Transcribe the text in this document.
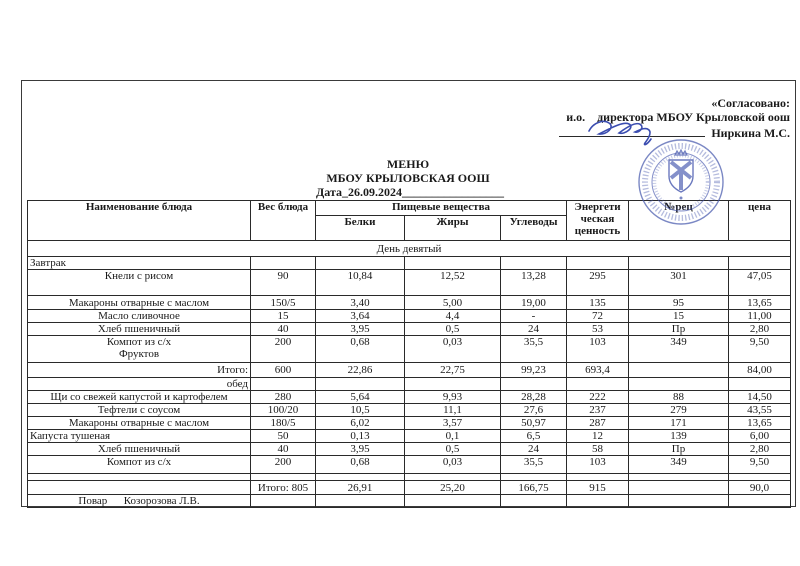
«Согласовано:
и.о.    директора МБОУ Крыловской оош
Ниркина М.С.
МЕНЮ
МБОУ КРЫЛОВСКАЯ ООШ
Дата_26.09.2024_________________
Наименование блюда	Вес блюда	Пищевые вещества			Энергети ческая ценность	№рец	цена
		Белки	Жиры	Углеводы			
День девятый							

Завтрак							

Кнели с рисом	90	10,84	12,52	13,28	295	301	47,05

Макароны отварные с маслом	150/5	3,40	5,00	19,00	135	95	13,65

Масло сливочное	15	3,64	4,4	-	72	15	11,00

Хлеб пшеничный	40	3,95	0,5	24	53	Пр	2,80

Компот из с/х
Фруктов	200	0,68	0,03	35,5	103	349	9,50

Итого:	600	22,86	22,75	99,23	693,4		84,00

обед							

Щи со свежей капустой и картофелем	280	5,64	9,93	28,28	222	88	14,50

Тефтели с соусом	100/20	10,5	11,1	27,6	237	279	43,55

Макароны отварные с маслом	180/5	6,02	3,57	50,97	287	171	13,65

Капуста тушеная	50	0,13	0,1	6,5	12	139	6,00

Хлеб пшеничный	40	3,95	0,5	24	58	Пр	2,80

Компот из с/х	200	0,68	0,03	35,5	103	349	9,50

	Итого: 805	26,91	25,20	166,75	915		90,0

Повар      Козорозова Л.В.							
